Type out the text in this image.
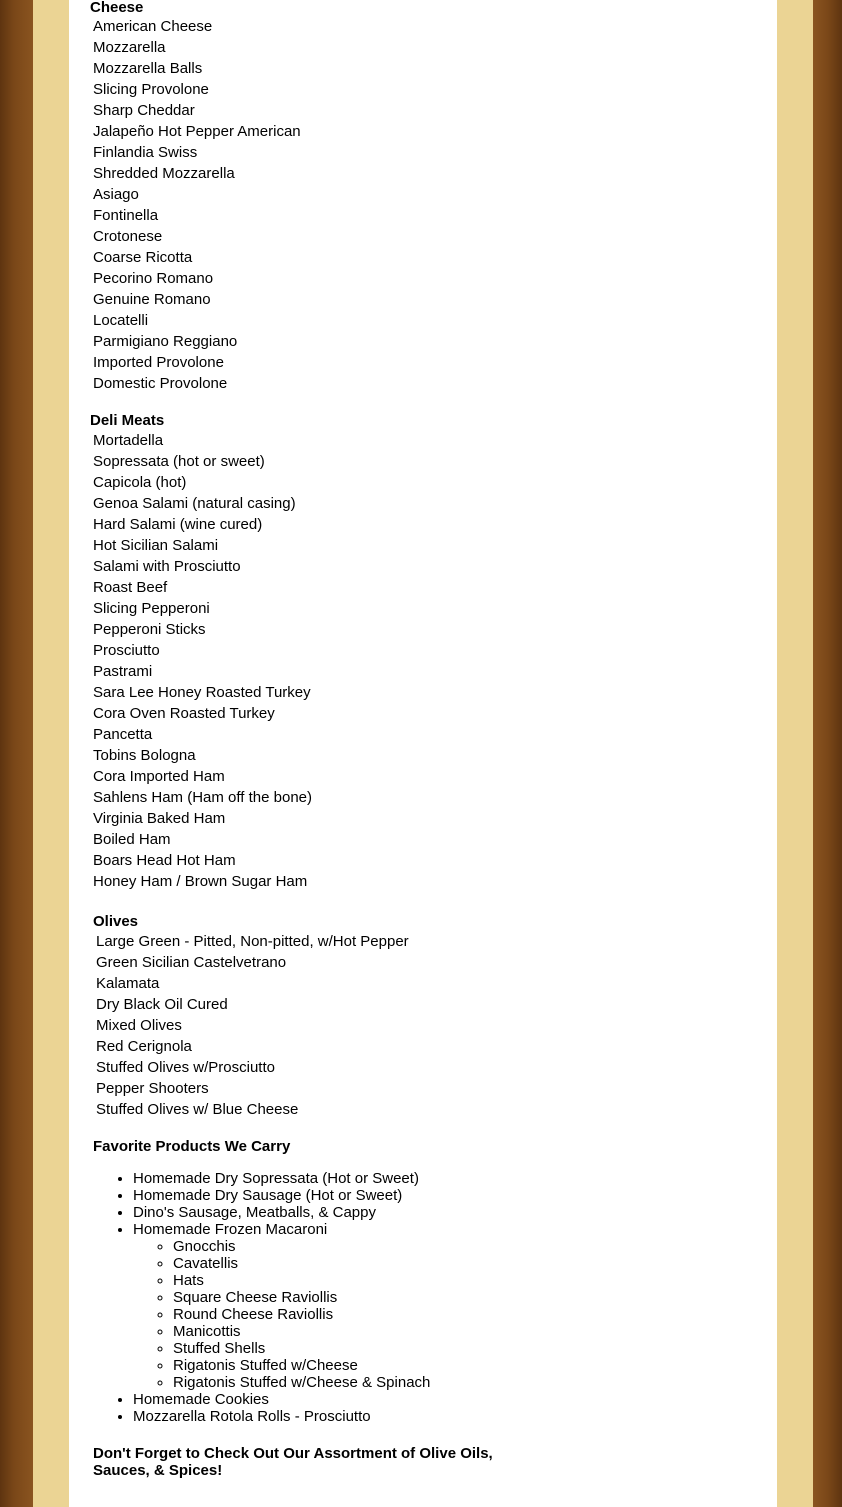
Cheese
American Cheese
Mozzarella
Mozzarella Balls
Slicing Provolone
Sharp Cheddar
Jalapeño Hot Pepper American
Finlandia Swiss
Shredded Mozzarella
Asiago
Fontinella
Crotonese
Coarse Ricotta
Pecorino Romano
Genuine Romano
Locatelli
Parmigiano Reggiano
Imported Provolone
Domestic Provolone
Deli Meats
Mortadella
Sopressata (hot or sweet)
Capicola (hot)
Genoa Salami (natural casing)
Hard Salami (wine cured)
Hot Sicilian Salami
Salami with Prosciutto
Roast Beef
Slicing Pepperoni
Pepperoni Sticks
Prosciutto
Pastrami
Sara Lee Honey Roasted Turkey
Cora Oven Roasted Turkey
Pancetta
Tobins Bologna
Cora Imported Ham
Sahlens Ham (Ham off the bone)
Virginia Baked Ham
Boiled Ham
Boars Head Hot Ham
Honey Ham / Brown Sugar Ham
Olives
Large Green - Pitted, Non-pitted, w/Hot Pepper
Green Sicilian Castelvetrano
Kalamata
Dry Black Oil Cured
Mixed Olives
Red Cerignola
Stuffed Olives w/Prosciutto
Pepper Shooters
Stuffed Olives w/ Blue Cheese
Favorite Products We Carry
• Homemade Dry Sopressata (Hot or Sweet)
• Homemade Dry Sausage (Hot or Sweet)
• Dino's Sausage, Meatballs, & Cappy
• Homemade Frozen Macaroni
◦ Gnocchis
◦ Cavatellis
◦ Hats
◦ Square Cheese Raviollis
◦ Round Cheese Raviollis
◦ Manicottis
◦ Stuffed Shells
◦ Rigatonis Stuffed w/Cheese
◦ Rigatonis Stuffed w/Cheese & Spinach
• Homemade Cookies
• Mozzarella Rotola Rolls - Prosciutto
Don't Forget to Check Out Our Assortment of Olive Oils, Sauces, & Spices!
